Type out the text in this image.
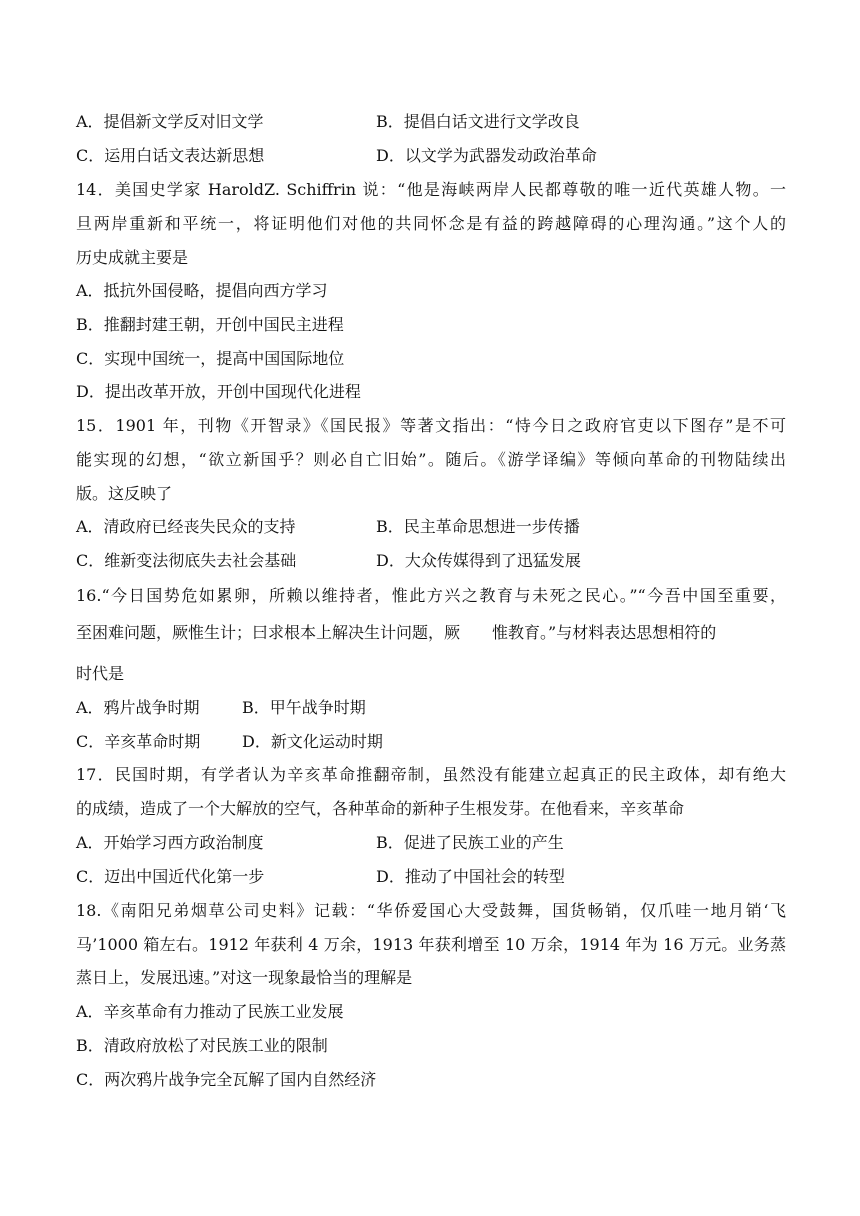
A．提倡新文学反对旧文学	B．提倡白话文进行文学改良
C．运用白话文表达新思想	D．以文学为武器发动政治革命
14．美国史学家 HaroldZ. Schiffrin 说：“他是海峡两岸人民都尊敬的唯一近代英雄人物。一
旦两岸重新和平统一，将证明他们对他的共同怀念是有益的跨越障碍的心理沟通。”这个人的
历史成就主要是
A．抵抗外国侵略，提倡向西方学习
B．推翻封建王朝，开创中国民主进程
C．实现中国统一，提高中国国际地位
D．提出改革开放，开创中国现代化进程
15．1901 年，刊物《开智录》《国民报》等著文指出：“恃今日之政府官吏以下图存”是不可
能实现的幻想，“欲立新国乎？则必自亡旧始”。随后。《游学译编》等倾向革命的刊物陆续出
版。这反映了
A．清政府已经丧失民众的支持	B．民主革命思想进一步传播
C．维新变法彻底失去社会基础	D．大众传媒得到了迅猛发展
16.“今日国势危如累卵，所赖以维持者，惟此方兴之教育与未死之民心。”“今吾中国至重要，
至困难问题，厥惟生计；曰求根本上解决生计问题，厥 惟教育。”与材料表达思想相符的
时代是
A．鸦片战争时期	B．甲午战争时期
C．辛亥革命时期	D．新文化运动时期
17．民国时期，有学者认为辛亥革命推翻帝制，虽然没有能建立起真正的民主政体，却有绝大
的成绩，造成了一个大解放的空气，各种革命的新种子生根发芽。在他看来，辛亥革命
A．开始学习西方政治制度	B．促进了民族工业的产生
C．迈出中国近代化第一步	D．推动了中国社会的转型
18.《南阳兄弟烟草公司史料》记载：“华侨爱国心大受鼓舞，国货畅销，仅爪哇一地月销‘飞
马’1000 箱左右。1912 年获利 4 万余，1913 年获利增至 10 万余，1914 年为 16 万元。业务蒸
蒸日上，发展迅速。”对这一现象最恰当的理解是
A．辛亥革命有力推动了民族工业发展
B．清政府放松了对民族工业的限制
C．两次鸦片战争完全瓦解了国内自然经济
